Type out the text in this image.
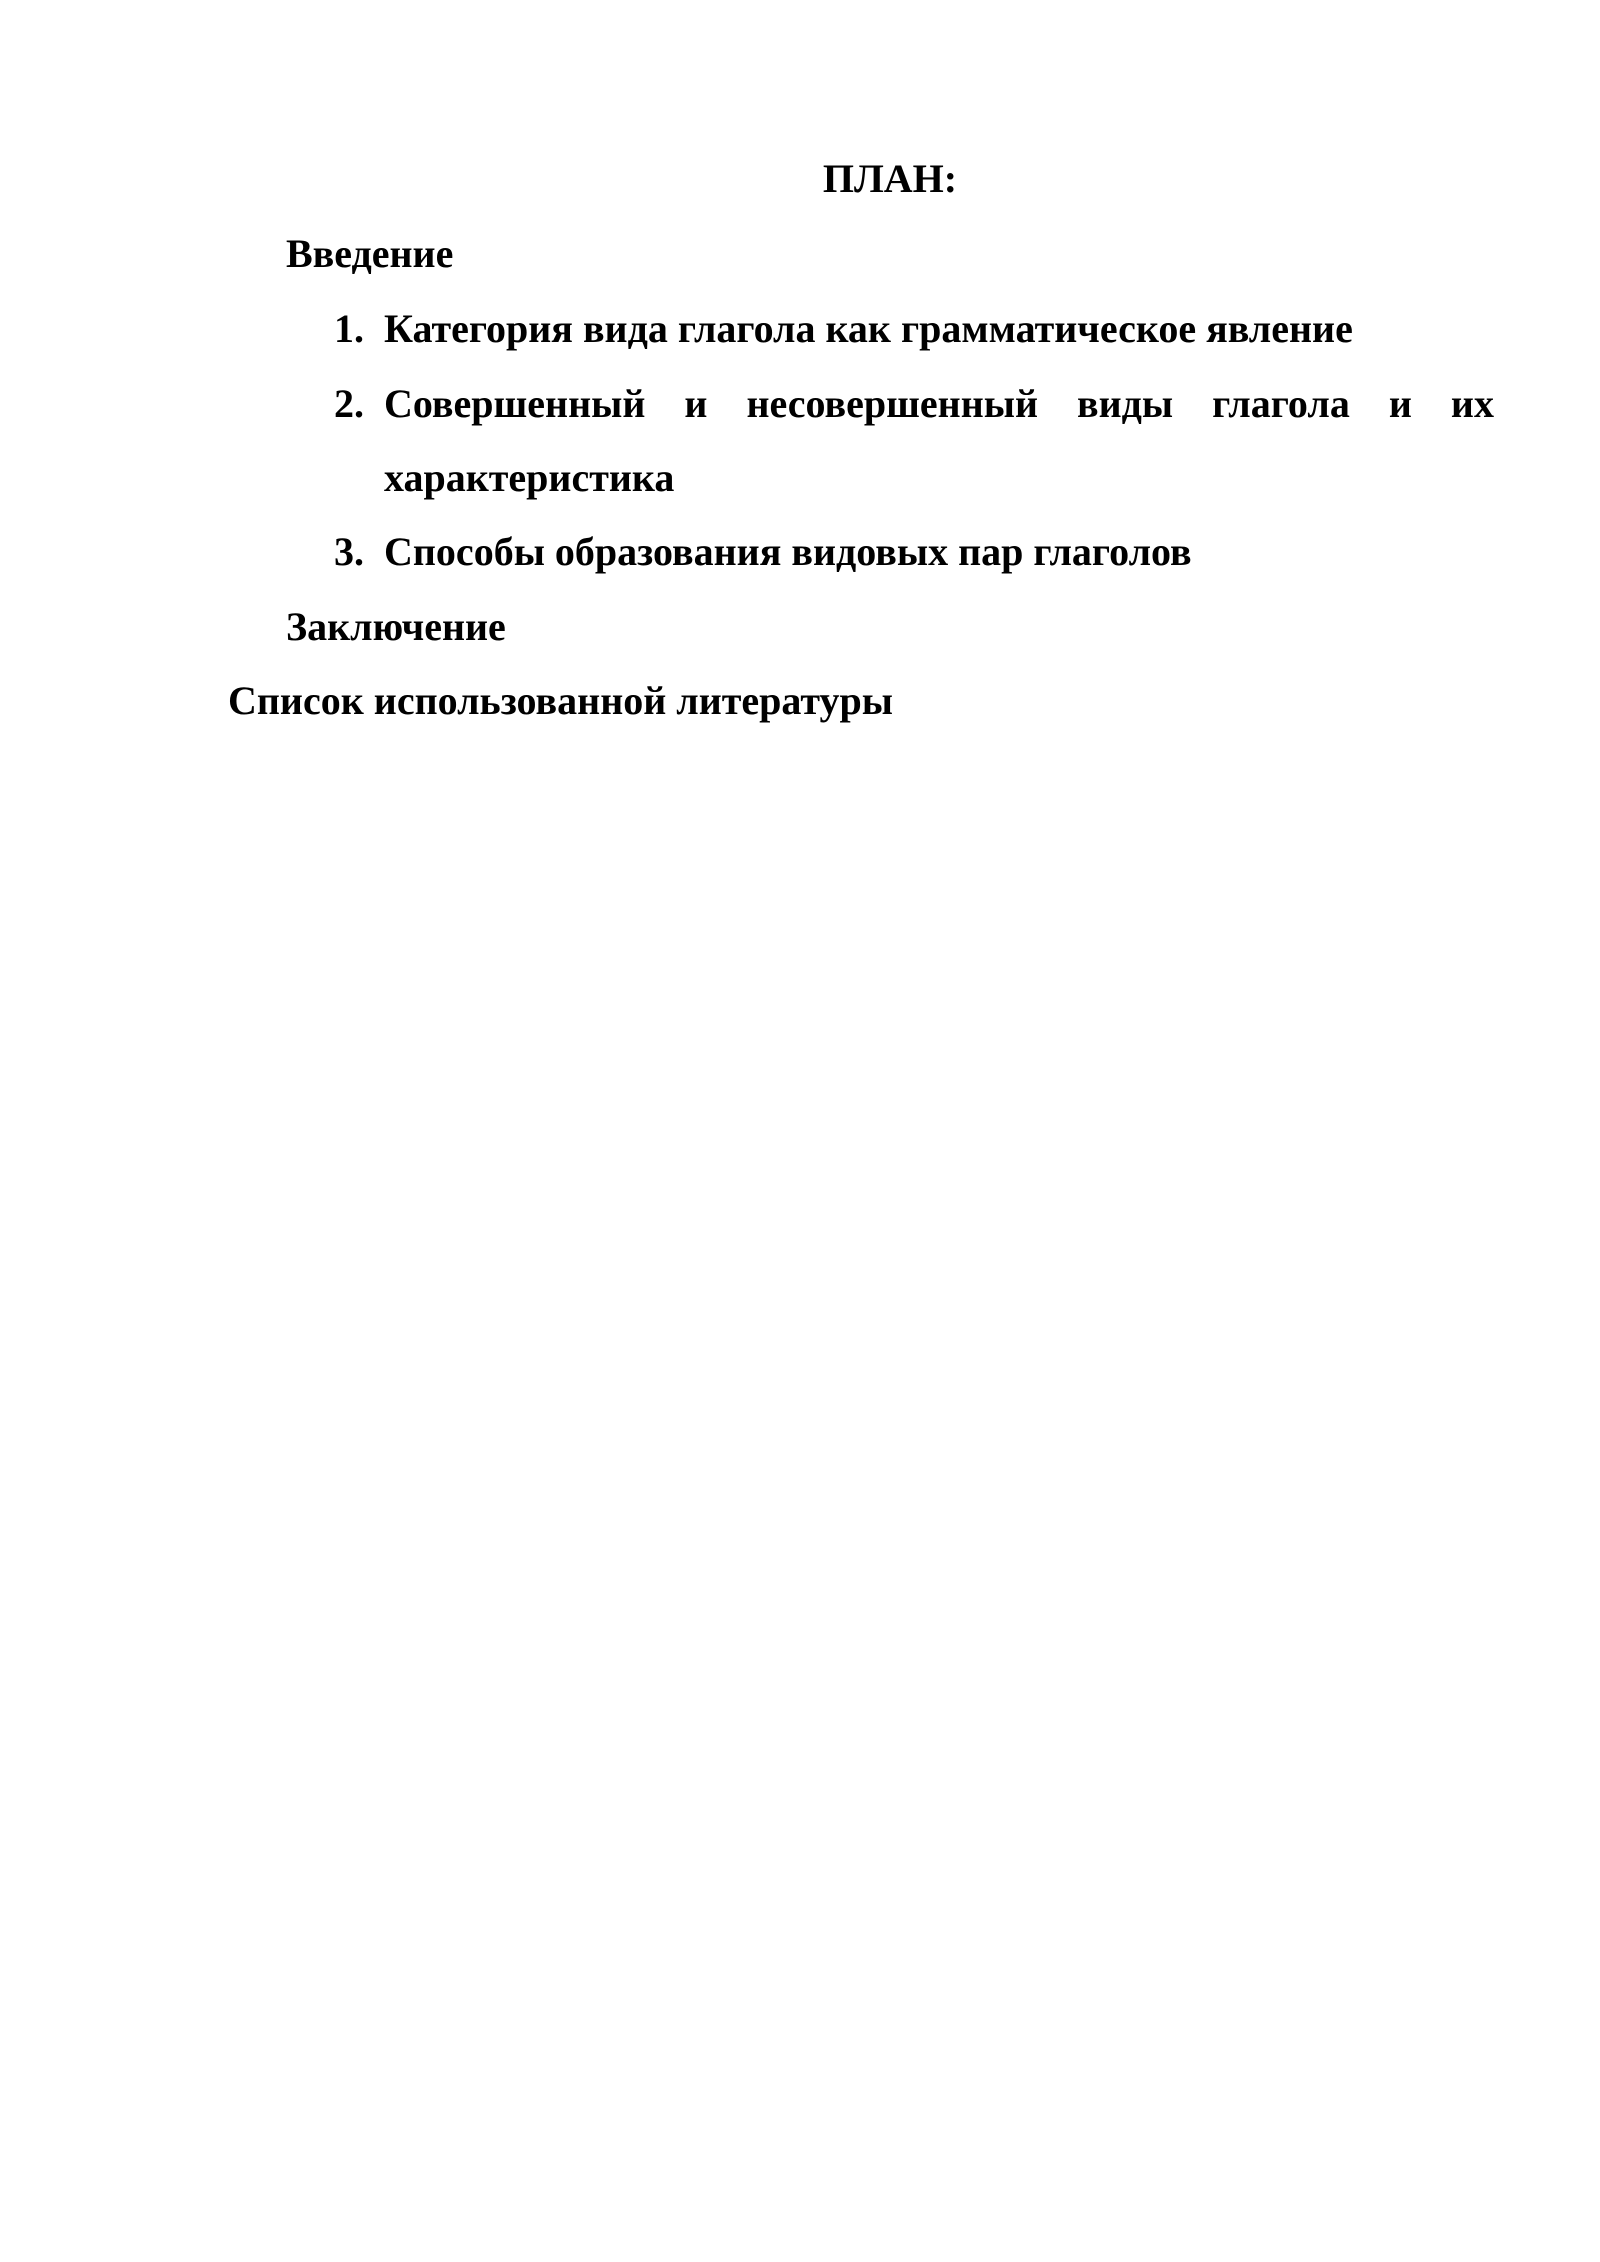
ПЛАН:
Введение
1. Категория вида глагола как грамматическое явление
2. Совершенный и несовершенный виды глагола и их
характеристика
3. Способы образования видовых пар глаголов
Заключение
Список использованной литературы
